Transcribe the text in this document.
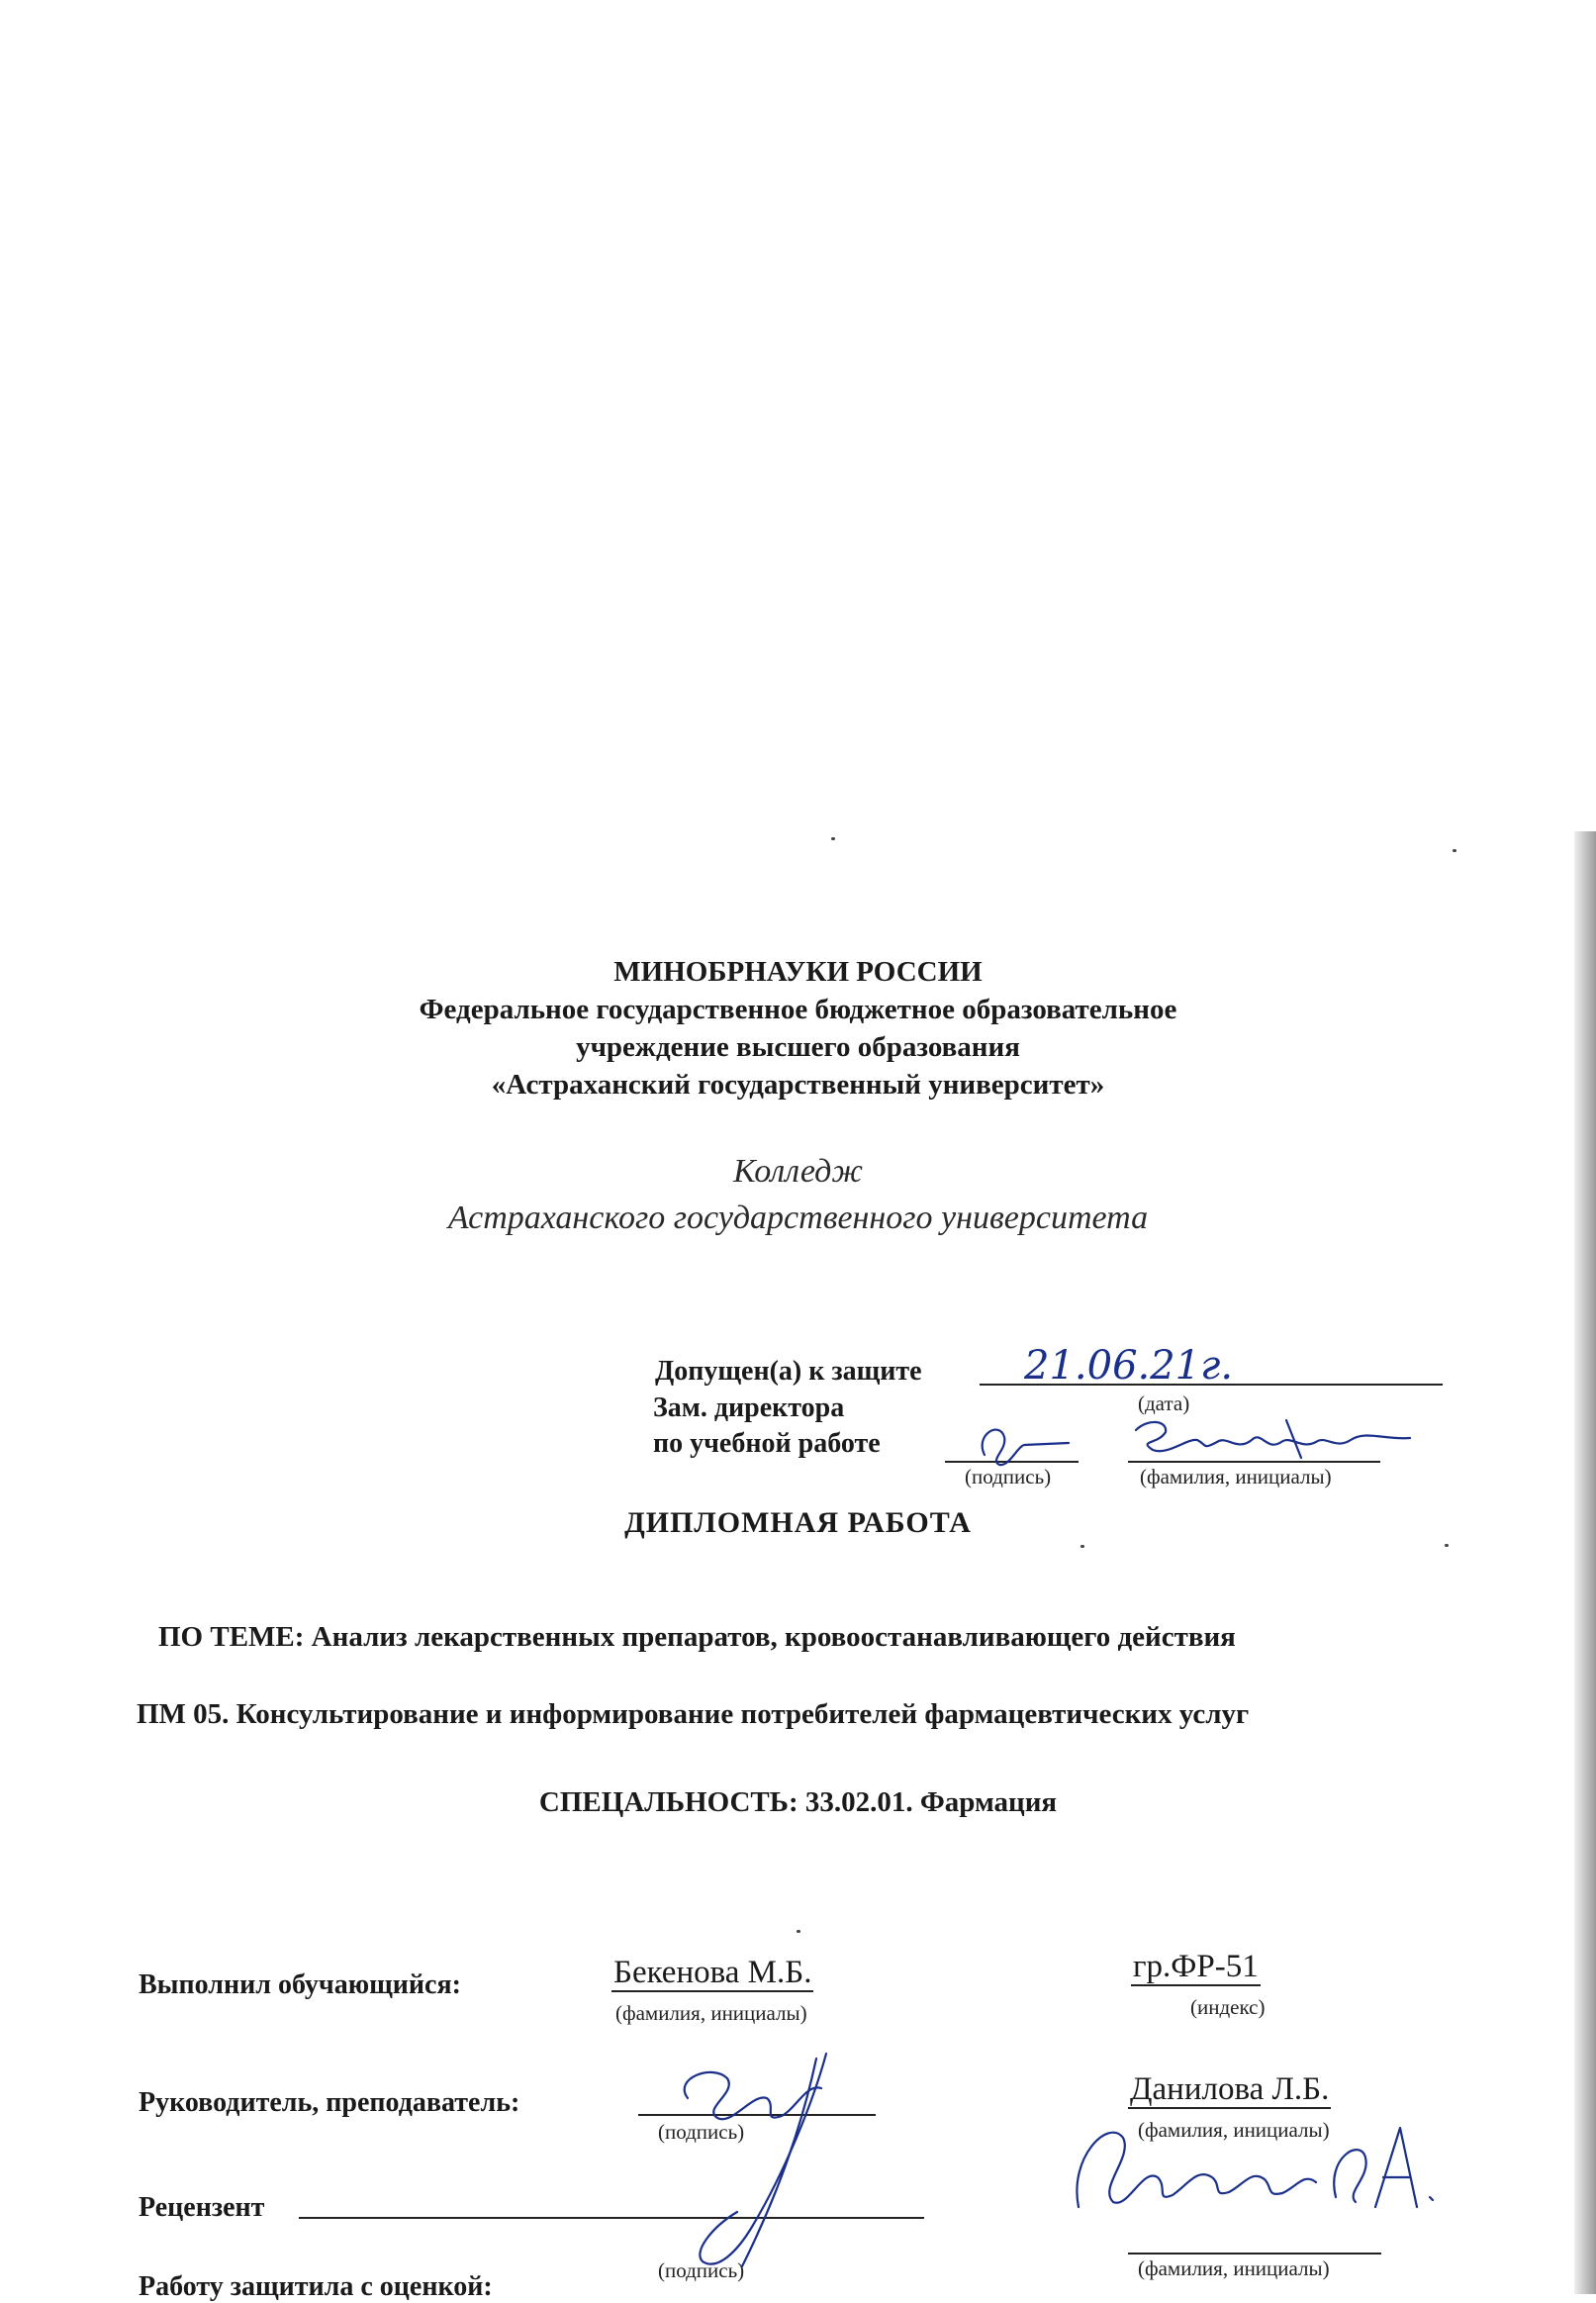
МИНОБРНАУКИ РОССИИ
Федеральное государственное бюджетное образовательное
учреждение высшего образования
«Астраханский государственный университет»
Колледж
Астраханского государственного университета
Допущен(а) к защите	21.06.21г.
(дата)
Зам. директора
по учебной работе
(подпись)	(фамилия, инициалы)
ДИПЛОМНАЯ РАБОТА
ПО ТЕМЕ: Анализ лекарственных препаратов, кровоостанавливающего действия
ПМ 05. Консультирование и информирование потребителей фармацевтических услуг
СПЕЦАЛЬНОСТЬ: 33.02.01. Фармация
Выполнил обучающийся:	Бекенова М.Б.
(фамилия, инициалы)
гр.ФР-51
(индекс)
Руководитель, преподаватель:
(подпись)
Данилова Л.Б.
(фамилия, инициалы)
Рецензент
(подпись)	(фамилия, инициалы)
Работу защитила с оценкой:
